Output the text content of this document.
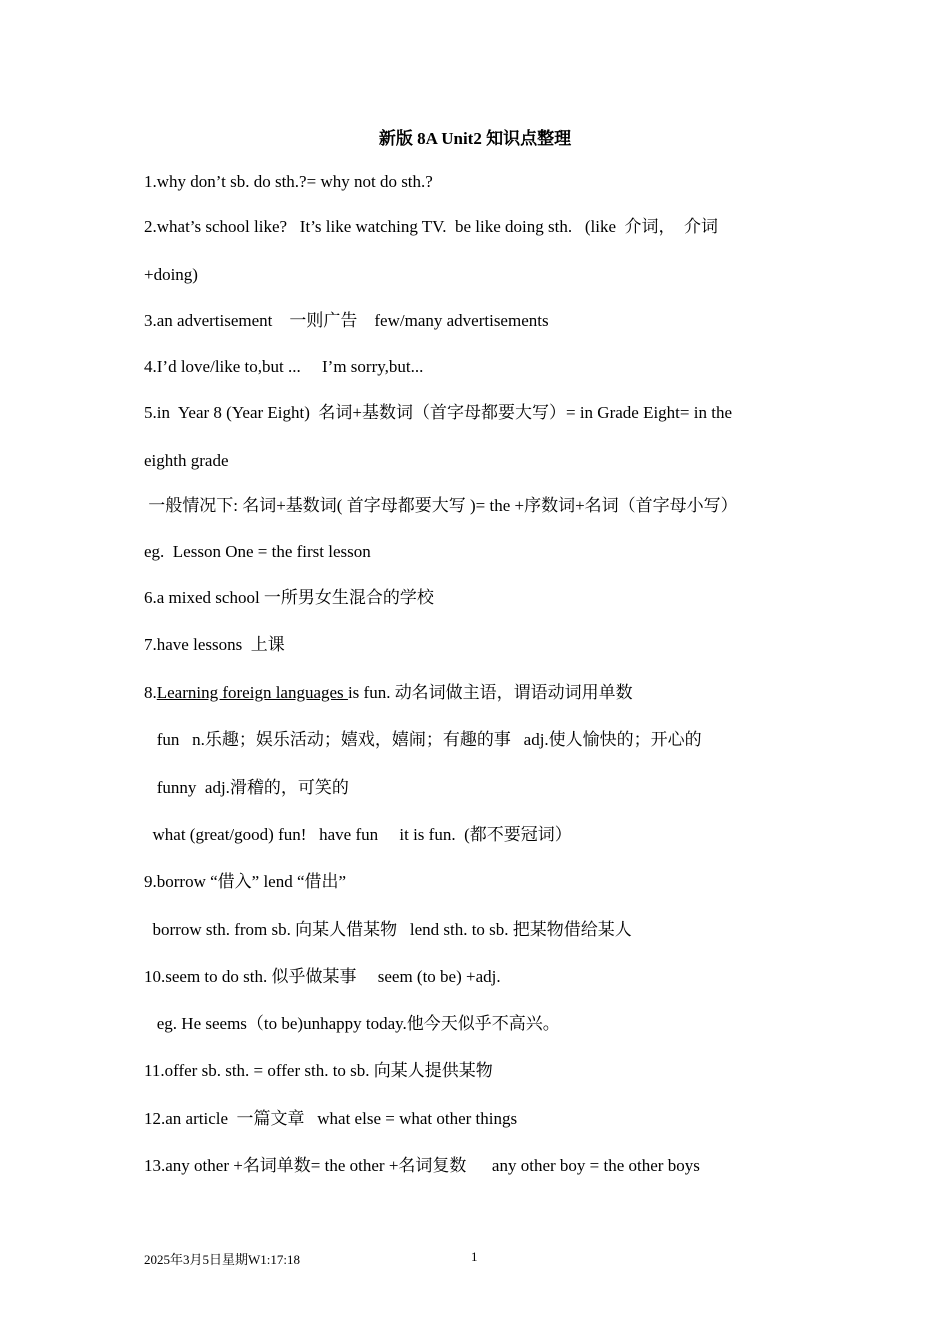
新版 8A Unit2 知识点整理
1.why don’t sb. do sth.?= why not do sth.?
2.what’s school like?   It’s like watching TV.  be like doing sth.   (like  介词，  介词
+doing)
3.an advertisement    一则广告    few/many advertisements
4.I’d love/like to,but ...     I’m sorry,but...
5.in  Year 8 (Year Eight)  名词+基数词（首字母都要大写）= in Grade Eight= in the
eighth grade
一般情况下: 名词+基数词( 首字母都要大写 )= the +序数词+名词（首字母小写）
eg.  Lesson One = the first lesson
6.a mixed school 一所男女生混合的学校
7.have lessons  上课
8.Learning foreign languages is fun. 动名词做主语，谓语动词用单数
fun   n.乐趣；娱乐活动；嬉戏，嬉闹；有趣的事   adj.使人愉快的；开心的
funny  adj.滑稽的，可笑的
what (great/good) fun!   have fun     it is fun.  (都不要冠词）
9.borrow “借入” lend “借出”
borrow sth. from sb. 向某人借某物   lend sth. to sb. 把某物借给某人
10.seem to do sth. 似乎做某事     seem (to be) +adj.
eg. He seems（to be)unhappy today.他今天似乎不高兴。
11.offer sb. sth. = offer sth. to sb. 向某人提供某物
12.an article  一篇文章   what else = what other things
13.any other +名词单数= the other +名词复数      any other boy = the other boys
2025年3月5日星期W1:17:18	1
